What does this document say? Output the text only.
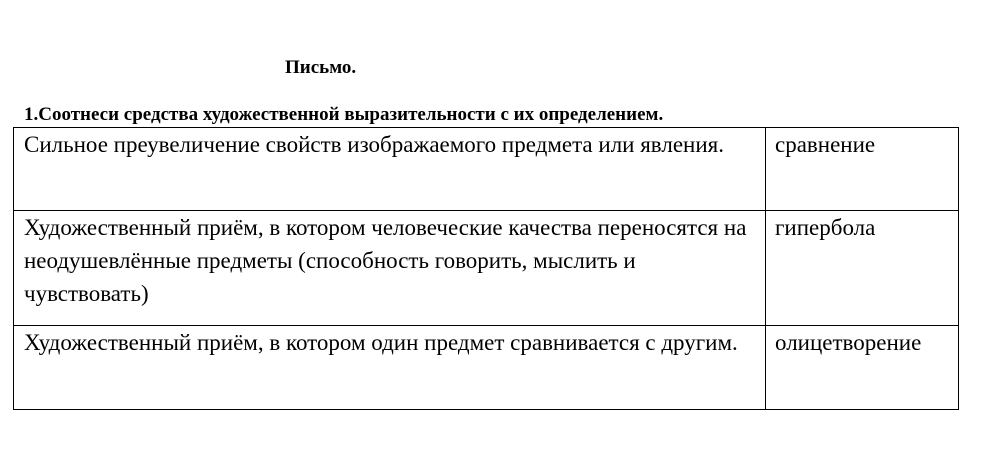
Письмо.
1.Соотнеси средства художественной выразительности с их определением.
Сильное преувеличение свойств изображаемого предмета или явления.	сравнение
Художественный приём, в котором человеческие качества переносятся на неодушевлённые предметы (способность говорить, мыслить и чувствовать)	гипербола
Художественный приём, в котором один предмет сравнивается с другим.	олицетворение
